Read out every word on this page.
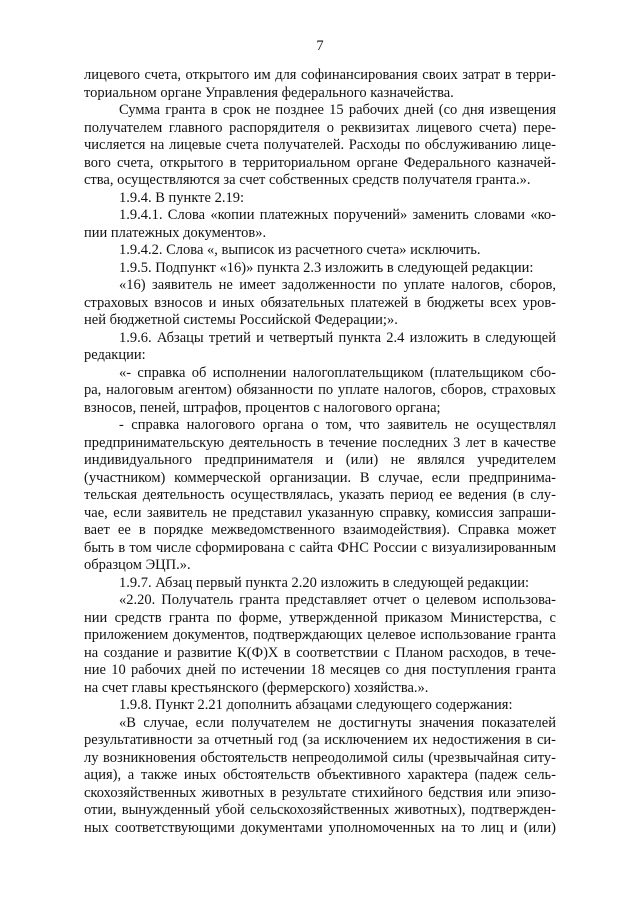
7

лицевого счета, открытого им для софинансирования своих затрат в терри-

ториальном органе Управления федерального казначейства.

Сумма гранта в срок не позднее 15 рабочих дней (со дня извещения

получателем главного распорядителя о реквизитах лицевого счета) пере-

числяется на лицевые счета получателей. Расходы по обслуживанию лице-

вого счета, открытого в территориальном органе Федерального казначей-

ства, осуществляются за счет собственных средств получателя гранта.».

1.9.4. В пункте 2.19:

1.9.4.1. Слова «копии платежных поручений» заменить словами «ко-

пии платежных документов».

1.9.4.2. Слова «, выписок из расчетного счета» исключить.

1.9.5. Подпункт «16)» пункта 2.3 изложить в следующей редакции:

«16) заявитель не имеет задолженности по уплате налогов, сборов,

страховых взносов и иных обязательных платежей в бюджеты всех уров-

ней бюджетной системы Российской Федерации;».

1.9.6. Абзацы третий и четвертый пункта 2.4 изложить в следующей

редакции:

«- справка об исполнении налогоплательщиком (плательщиком сбо-

ра, налоговым агентом) обязанности по уплате налогов, сборов, страховых

взносов, пеней, штрафов, процентов с налогового органа;

- справка налогового органа о том, что заявитель не осуществлял

предпринимательскую деятельность в течение последних 3 лет в качестве

индивидуального предпринимателя и (или) не являлся учредителем

(участником) коммерческой организации. В случае, если предпринима-

тельская деятельность осуществлялась, указать период ее ведения (в слу-

чае, если заявитель не представил указанную справку, комиссия запраши-

вает ее в порядке межведомственного взаимодействия). Справка может

быть в том числе сформирована с сайта ФНС России с визуализированным

образцом ЭЦП.».

1.9.7. Абзац первый пункта 2.20 изложить в следующей редакции:

«2.20. Получатель гранта представляет отчет о целевом использова-

нии средств гранта по форме, утвержденной приказом Министерства, с

приложением документов, подтверждающих целевое использование гранта

на создание и развитие К(Ф)Х в соответствии с Планом расходов, в тече-

ние 10 рабочих дней по истечении 18 месяцев со дня поступления гранта

на счет главы крестьянского (фермерского) хозяйства.».

1.9.8. Пункт 2.21 дополнить абзацами следующего содержания:

«В случае, если получателем не достигнуты значения показателей

результативности за отчетный год (за исключением их недостижения в си-

лу возникновения обстоятельств непреодолимой силы (чрезвычайная ситу-

ация), а также иных обстоятельств объективного характера (падеж сель-

скохозяйственных животных в результате стихийного бедствия или эпизо-

отии, вынужденный убой сельскохозяйственных животных), подтвержден-

ных соответствующими документами уполномоченных на то лиц и (или)
